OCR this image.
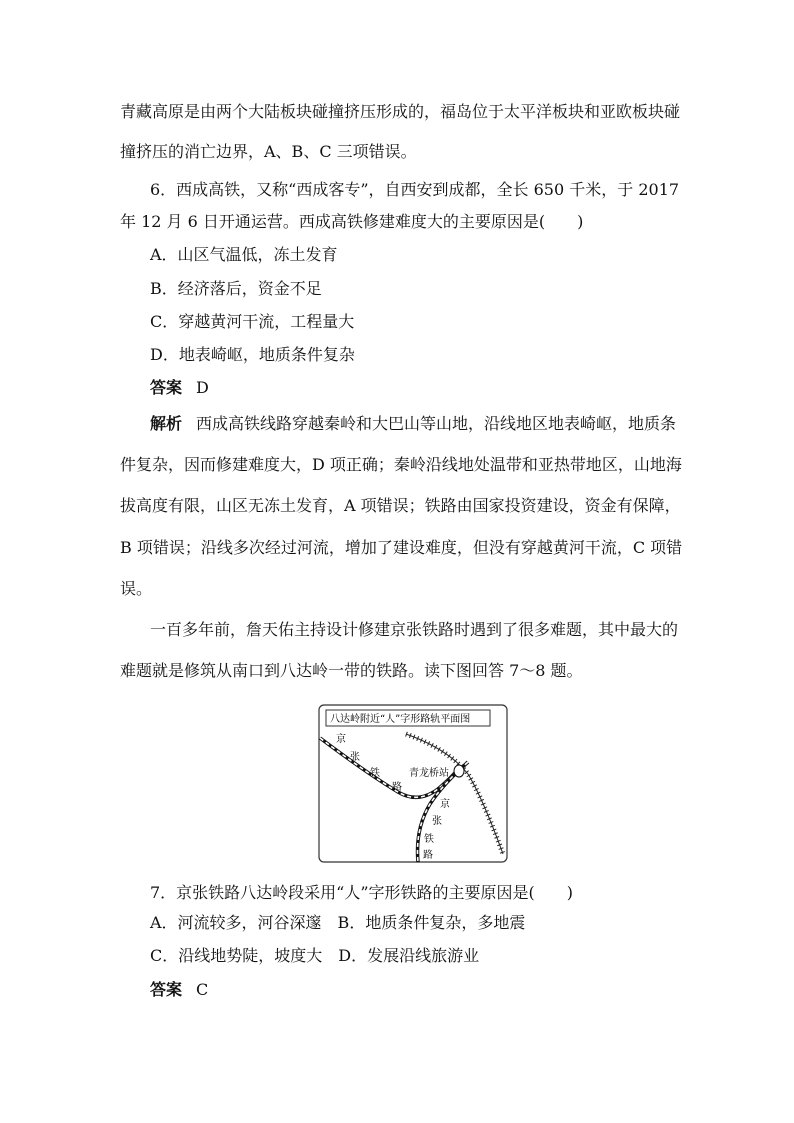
青藏高原是由两个大陆板块碰撞挤压形成的，福岛位于太平洋板块和亚欧板块碰
撞挤压的消亡边界，A、B、C 三项错误。
6．西成高铁，又称“西成客专”，自西安到成都，全长 650 千米，于 2017
年 12 月 6 日开通运营。西成高铁修建难度大的主要原因是(　　)
A．山区气温低，冻土发育
B．经济落后，资金不足
C．穿越黄河干流，工程量大
D．地表崎岖，地质条件复杂
答案 D
解析 西成高铁线路穿越秦岭和大巴山等山地，沿线地区地表崎岖，地质条
件复杂，因而修建难度大，D 项正确；秦岭沿线地处温带和亚热带地区，山地海
拔高度有限，山区无冻土发育，A 项错误；铁路由国家投资建设，资金有保障，
B 项错误；沿线多次经过河流，增加了建设难度，但没有穿越黄河干流，C 项错
误。
一百多年前，詹天佑主持设计修建京张铁路时遇到了很多难题，其中最大的
难题就是修筑从南口到八达岭一带的铁路。读下图回答 7～8 题。
八达岭附近“人”字形路轨平面图
青龙桥站
京
张
铁
路
京
张
铁
路
7．京张铁路八达岭段采用“人”字形铁路的主要原因是(　　)
A．河流较多，河谷深邃　B．地质条件复杂，多地震
C．沿线地势陡，坡度大　D．发展沿线旅游业
答案 C
